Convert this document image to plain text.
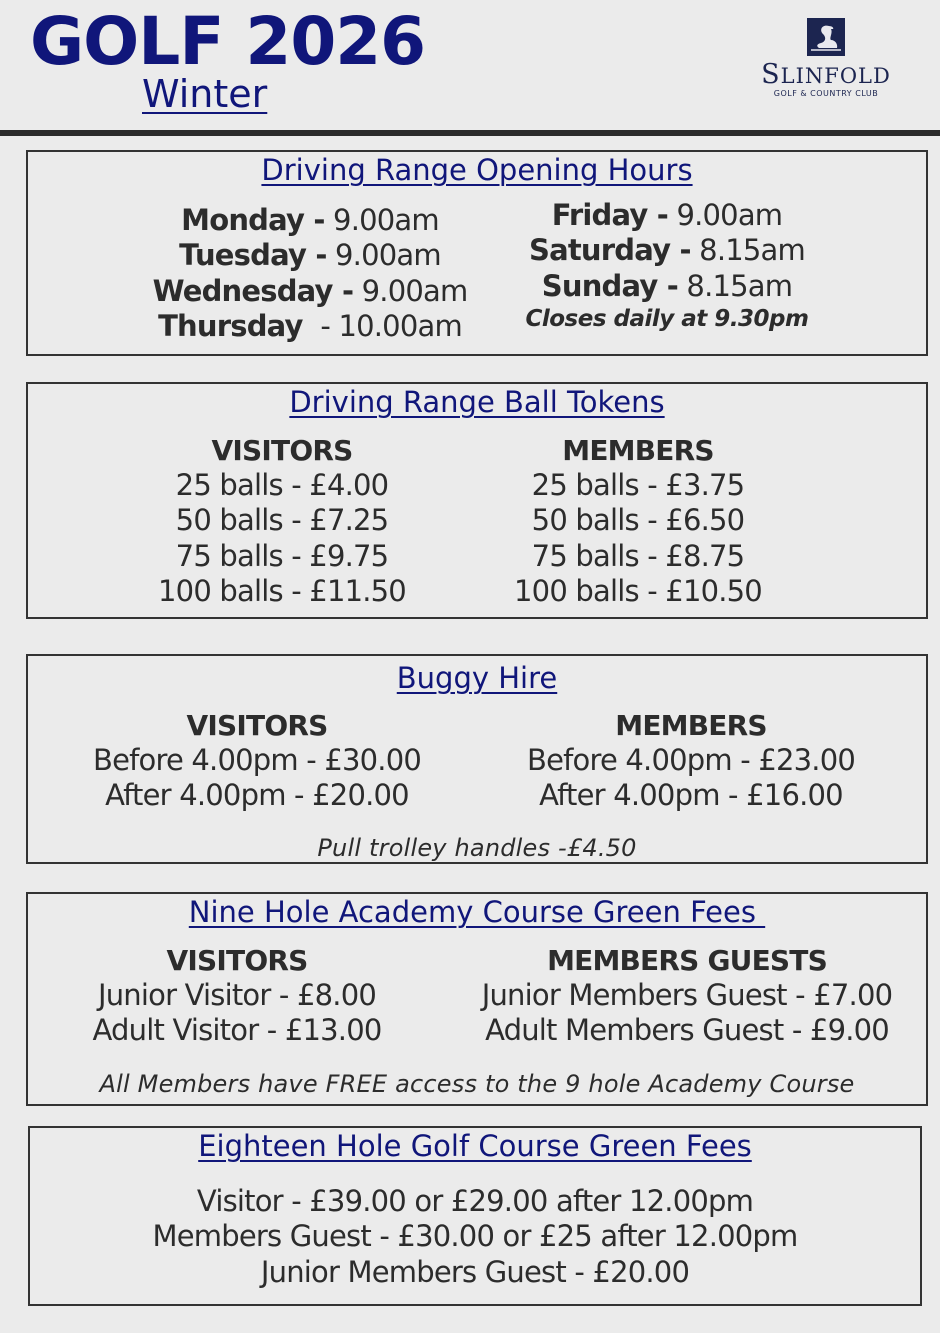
GOLF 2026
Winter	SLINFOLD
GOLF & COUNTRY CLUB
Driving Range Opening Hours
Monday - 9.00am
Tuesday - 9.00am
Wednesday - 9.00am
Thursday  - 10.00am
Friday - 9.00am
Saturday - 8.15am
Sunday - 8.15am
Closes daily at 9.30pm
Driving Range Ball Tokens
VISITORS
25 balls - £4.00
50 balls - £7.25
75 balls - £9.75
100 balls - £11.50
MEMBERS
25 balls - £3.75
50 balls - £6.50
75 balls - £8.75
100 balls - £10.50
Buggy Hire
VISITORS
Before 4.00pm - £30.00
After 4.00pm - £20.00
MEMBERS
Before 4.00pm - £23.00
After 4.00pm - £16.00
Pull trolley handles -£4.50
Nine Hole Academy Course Green Fees
VISITORS
Junior Visitor - £8.00
Adult Visitor - £13.00
MEMBERS GUESTS
Junior Members Guest - £7.00
Adult Members Guest - £9.00
All Members have FREE access to the 9 hole Academy Course
Eighteen Hole Golf Course Green Fees
Visitor - £39.00 or £29.00 after 12.00pm
Members Guest - £30.00 or £25 after 12.00pm
Junior Members Guest - £20.00
